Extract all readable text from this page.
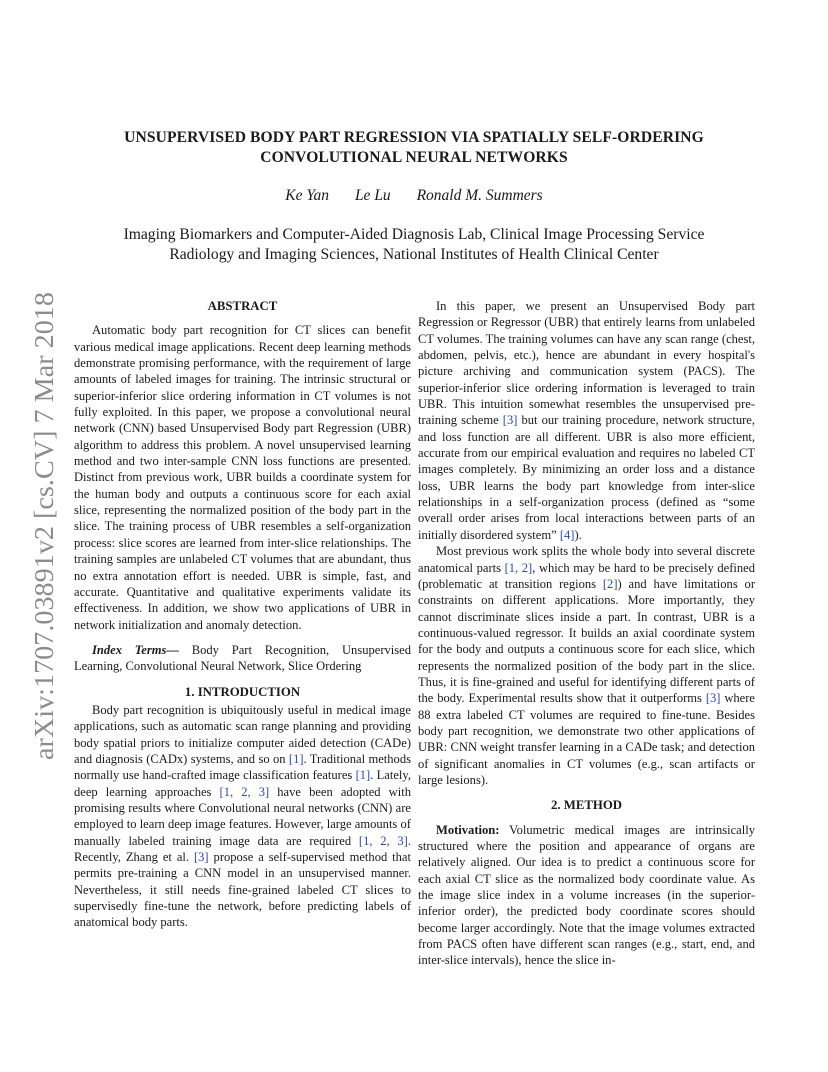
arXiv:1707.03891v2 [cs.CV] 7 Mar 2018
UNSUPERVISED BODY PART REGRESSION VIA SPATIALLY SELF-ORDERING
CONVOLUTIONAL NEURAL NETWORKS
Ke Yan Le Lu Ronald M. Summers
Imaging Biomarkers and Computer-Aided Diagnosis Lab, Clinical Image Processing Service
Radiology and Imaging Sciences, National Institutes of Health Clinical Center
ABSTRACT

Automatic body part recognition for CT slices can benefit various medical image applications. Recent deep learning methods demonstrate promising performance, with the requirement of large amounts of labeled images for training. The intrinsic structural or superior-inferior slice ordering information in CT volumes is not fully exploited. In this paper, we propose a convolutional neural network (CNN) based Unsupervised Body part Regression (UBR) algorithm to address this problem. A novel unsupervised learning method and two inter-sample CNN loss functions are presented. Distinct from previous work, UBR builds a coordinate system for the human body and outputs a continuous score for each axial slice, representing the normalized position of the body part in the slice. The training process of UBR resembles a self-organization process: slice scores are learned from inter-slice relationships. The training samples are unlabeled CT volumes that are abundant, thus no extra annotation effort is needed. UBR is simple, fast, and accurate. Quantitative and qualitative experiments validate its effectiveness. In addition, we show two applications of UBR in network initialization and anomaly detection.

Index Terms— Body Part Recognition, Unsupervised Learning, Convolutional Neural Network, Slice Ordering

1. INTRODUCTION

Body part recognition is ubiquitously useful in medical image applications, such as automatic scan range planning and providing body spatial priors to initialize computer aided detection (CADe) and diagnosis (CADx) systems, and so on [1]. Traditional methods normally use hand-crafted image classification features [1]. Lately, deep learning approaches [1, 2, 3] have been adopted with promising results where Convolutional neural networks (CNN) are employed to learn deep image features. However, large amounts of manually labeled training image data are required [1, 2, 3]. Recently, Zhang et al. [3] propose a self-supervised method that permits pre-training a CNN model in an unsupervised manner. Nevertheless, it still needs fine-grained labeled CT slices to supervisedly fine-tune the network, before predicting labels of anatomical body parts.

In this paper, we present an Unsupervised Body part Regression or Regressor (UBR) that entirely learns from unlabeled CT volumes. The training volumes can have any scan range (chest, abdomen, pelvis, etc.), hence are abundant in every hospital's picture archiving and communication system (PACS). The superior-inferior slice ordering information is leveraged to train UBR. This intuition somewhat resembles the unsupervised pre-training scheme [3] but our training procedure, network structure, and loss function are all different. UBR is also more efficient, accurate from our empirical evaluation and requires no labeled CT images completely. By minimizing an order loss and a distance loss, UBR learns the body part knowledge from inter-slice relationships in a self-organization process (defined as “some overall order arises from local interactions between parts of an initially disordered system” [4]).

Most previous work splits the whole body into several discrete anatomical parts [1, 2], which may be hard to be precisely defined (problematic at transition regions [2]) and have limitations or constraints on different applications. More importantly, they cannot discriminate slices inside a part. In contrast, UBR is a continuous-valued regressor. It builds an axial coordinate system for the body and outputs a continuous score for each slice, which represents the normalized position of the body part in the slice. Thus, it is fine-grained and useful for identifying different parts of the body. Experimental results show that it outperforms [3] where 88 extra labeled CT volumes are required to fine-tune. Besides body part recognition, we demonstrate two other applications of UBR: CNN weight transfer learning in a CADe task; and detection of significant anomalies in CT volumes (e.g., scan artifacts or large lesions).

2. METHOD

Motivation: Volumetric medical images are intrinsically structured where the position and appearance of organs are relatively aligned. Our idea is to predict a continuous score for each axial CT slice as the normalized body coordinate value. As the image slice index in a volume increases (in the superior-inferior order), the predicted body coordinate scores should become larger accordingly. Note that the image volumes extracted from PACS often have different scan ranges (e.g., start, end, and inter-slice intervals), hence the slice in-
